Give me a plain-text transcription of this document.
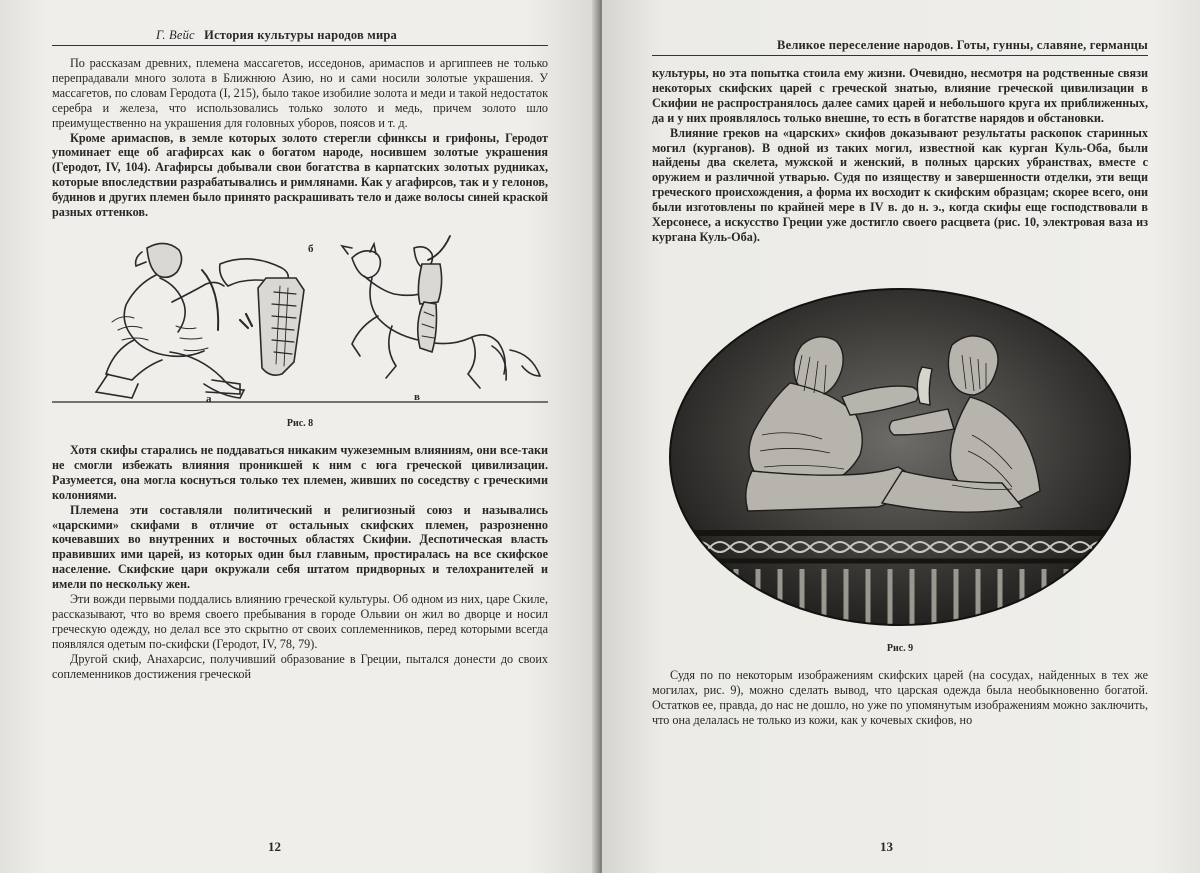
Г. Вейс История культуры народов мира

По рассказам древних, племена массагетов, исседонов, аримаспов и аргиппеев не только перепрадавали много золота в Ближнюю Азию, но и сами носили золотые украшения. У массагетов, по словам Геродота (I, 215), было такое изобилие золота и меди и такой недостаток серебра и железа, что использовались только золото и медь, причем золото шло преимущественно на украшения для головных уборов, поясов и т. д.

Кроме аримаспов, в земле которых золото стерегли сфинксы и грифоны, Геродот упоминает еще об агафирсах как о богатом народе, носившем золотые украшения (Геродот, IV, 104). Агафирсы добывали свои богатства в карпатских золотых рудниках, которые впоследствии разрабатывались и римлянами. Как у агафирсов, так и у гелонов, будинов и других племен было принято раскрашивать тело и даже волосы синей краской разных оттенков.

а
б
в
Рис. 8

Хотя скифы старались не поддаваться никаким чужеземным влияниям, они все-таки не смогли избежать влияния проникшей к ним с юга греческой цивилизации. Разумеется, она могла коснуться только тех племен, живших по соседству с греческими колониями.

Племена эти составляли политический и религиозный союз и назывались «царскими» скифами в отличие от остальных скифских племен, разрозненно кочевавших во внутренних и восточных областях Скифии. Деспотическая власть правивших ими царей, из которых один был главным, простиралась на все скифское население. Скифские цари окружали себя штатом придворных и телохранителей и имели по нескольку жен.

Эти вожди первыми поддались влиянию греческой культуры. Об одном из них, царе Скиле, рассказывают, что во время своего пребывания в городе Ольвии он жил во дворце и носил греческую одежду, но делал все это скрытно от своих соплеменников, перед которыми всегда появлялся одетым по-скифски (Геродот, IV, 78, 79).

Другой скиф, Анахарсис, получивший образование в Греции, пытался донести до своих соплеменников достижения греческой

12
Великое переселение народов. Готы, гунны, славяне, германцы

культуры, но эта попытка стоила ему жизни. Очевидно, несмотря на родственные связи некоторых скифских царей с греческой знатью, влияние греческой цивилизации в Скифии не распространялось далее самих царей и небольшого круга их приближенных, да и у них проявлялось только внешне, то есть в богатстве нарядов и обстановки.

Влияние греков на «царских» скифов доказывают результаты раскопок старинных могил (курганов). В одной из таких могил, известной как курган Куль-Оба, были найдены два скелета, мужской и женский, в полных царских убранствах, вместе с оружием и различной утварью. Судя по изяществу и завершенности отделки, эти вещи греческого происхождения, а форма их восходит к скифским образцам; скорее всего, они были изготовлены по крайней мере в IV в. до н. э., когда скифы еще господствовали в Херсонесе, а искусство Греции уже достигло своего расцвета (рис. 10, электровая ваза из кургана Куль-Оба).

Рис. 9

Судя по по некоторым изображениям скифских царей (на сосудах, найденных в тех же могилах, рис. 9), можно сделать вывод, что царская одежда была необыкновенно богатой. Остатков ее, правда, до нас не дошло, но уже по упомянутым изображениям можно заключить, что она делалась не только из кожи, как у кочевых скифов, но

13
